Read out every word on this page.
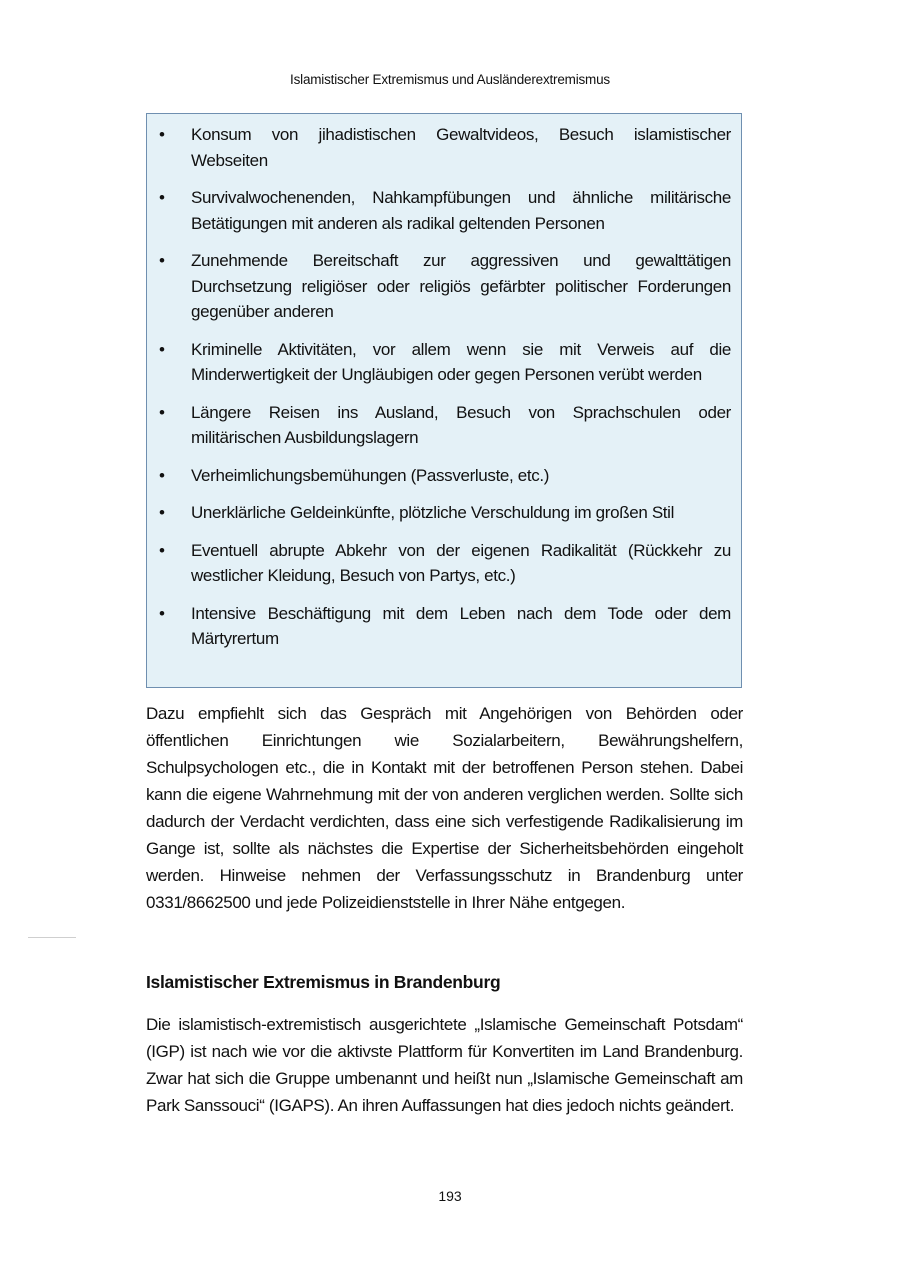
Islamistischer Extremismus und Ausländerextremismus
• Konsum von jihadistischen Gewaltvideos, Besuch islamistischer Webseiten
• Survivalwochenenden, Nahkampfübungen und ähnliche militärische Betätigungen mit anderen als radikal geltenden Personen
• Zunehmende Bereitschaft zur aggressiven und gewalttätigen Durchsetzung religiöser oder religiös gefärbter politischer Forderungen gegenüber anderen
• Kriminelle Aktivitäten, vor allem wenn sie mit Verweis auf die Minderwertigkeit der Ungläubigen oder gegen Personen verübt werden
• Längere Reisen ins Ausland, Besuch von Sprachschulen oder militärischen Ausbildungslagern
• Verheimlichungsbemühungen (Passverluste, etc.)
• Unerklärliche Geldeinkünfte, plötzliche Verschuldung im großen Stil
• Eventuell abrupte Abkehr von der eigenen Radikalität (Rückkehr zu westlicher Kleidung, Besuch von Partys, etc.)
• Intensive Beschäftigung mit dem Leben nach dem Tode oder dem Märtyrertum

Dazu empfiehlt sich das Gespräch mit Angehörigen von Behörden oder öffentlichen Einrichtungen wie Sozialarbeitern, Bewährungshelfern, Schulpsychologen etc., die in Kontakt mit der betroffenen Person stehen. Dabei kann die eigene Wahrnehmung mit der von anderen verglichen werden. Sollte sich dadurch der Verdacht verdichten, dass eine sich verfestigende Radikalisierung im Gange ist, sollte als nächstes die Expertise der Sicherheitsbehörden eingeholt werden. Hinweise nehmen der Verfassungsschutz in Brandenburg unter 0331/8662500 und jede Polizeidienststelle in Ihrer Nähe entgegen.

Islamistischer Extremismus in Brandenburg

Die islamistisch-extremistisch ausgerichtete „Islamische Gemeinschaft Potsdam“ (IGP) ist nach wie vor die aktivste Plattform für Konvertiten im Land Brandenburg. Zwar hat sich die Gruppe umbenannt und heißt nun „Islamische Gemeinschaft am Park Sanssouci“ (IGAPS). An ihren Auffassungen hat dies jedoch nichts geändert.

193
